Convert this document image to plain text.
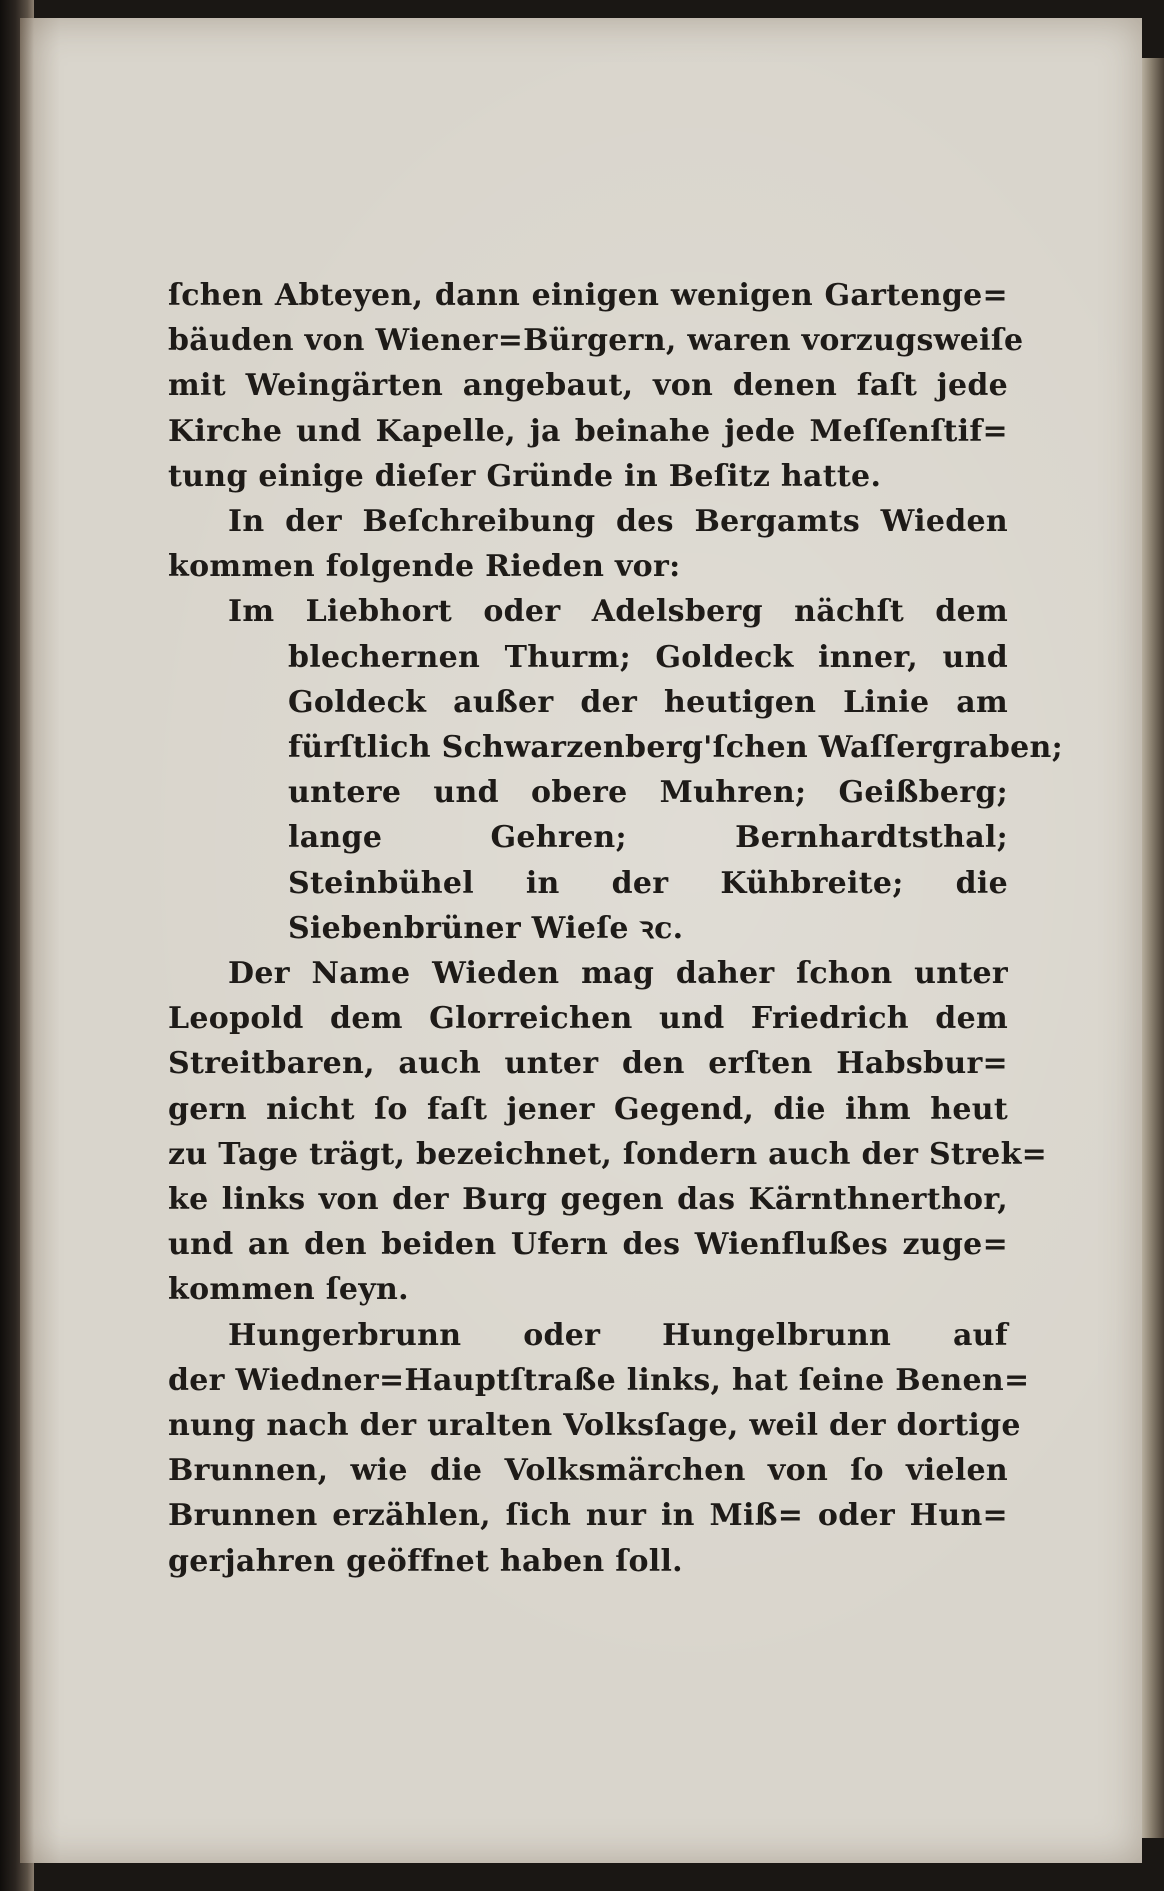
ſchen Abteyen, dann einigen wenigen Gartenge=
bäuden von Wiener=Bürgern, waren vorzugsweiſe
mit Weingärten angebaut, von denen faſt jede
Kirche und Kapelle, ja beinahe jede Meſſenſtif=
tung einige dieſer Gründe in Beſitz hatte.
In der Beſchreibung des Bergamts Wieden
kommen folgende Rieden vor:
Im Liebhort oder Adelsberg nächſt dem
blechernen Thurm; Goldeck inner, und
Goldeck außer der heutigen Linie am
fürſtlich Schwarzenberg'ſchen Waſſergraben;
untere und obere Muhren; Geißberg;
lange Gehren; Bernhardtsthal;
Steinbühel in der Kühbreite; die
Siebenbrüner Wieſe ꝛc.
Der Name Wieden mag daher ſchon unter
Leopold dem Glorreichen und Friedrich dem
Streitbaren, auch unter den erſten Habsbur=
gern nicht ſo faſt jener Gegend, die ihm heut
zu Tage trägt, bezeichnet, ſondern auch der Strek=
ke links von der Burg gegen das Kärnthnerthor,
und an den beiden Ufern des Wienflußes zuge=
kommen ſeyn.
Hungerbrunn oder Hungelbrunn auf
der Wiedner=Hauptſtraße links, hat ſeine Benen=
nung nach der uralten Volksſage, weil der dortige
Brunnen, wie die Volksmärchen von ſo vielen
Brunnen erzählen, ſich nur in Miß= oder Hun=
gerjahren geöffnet haben ſoll.
